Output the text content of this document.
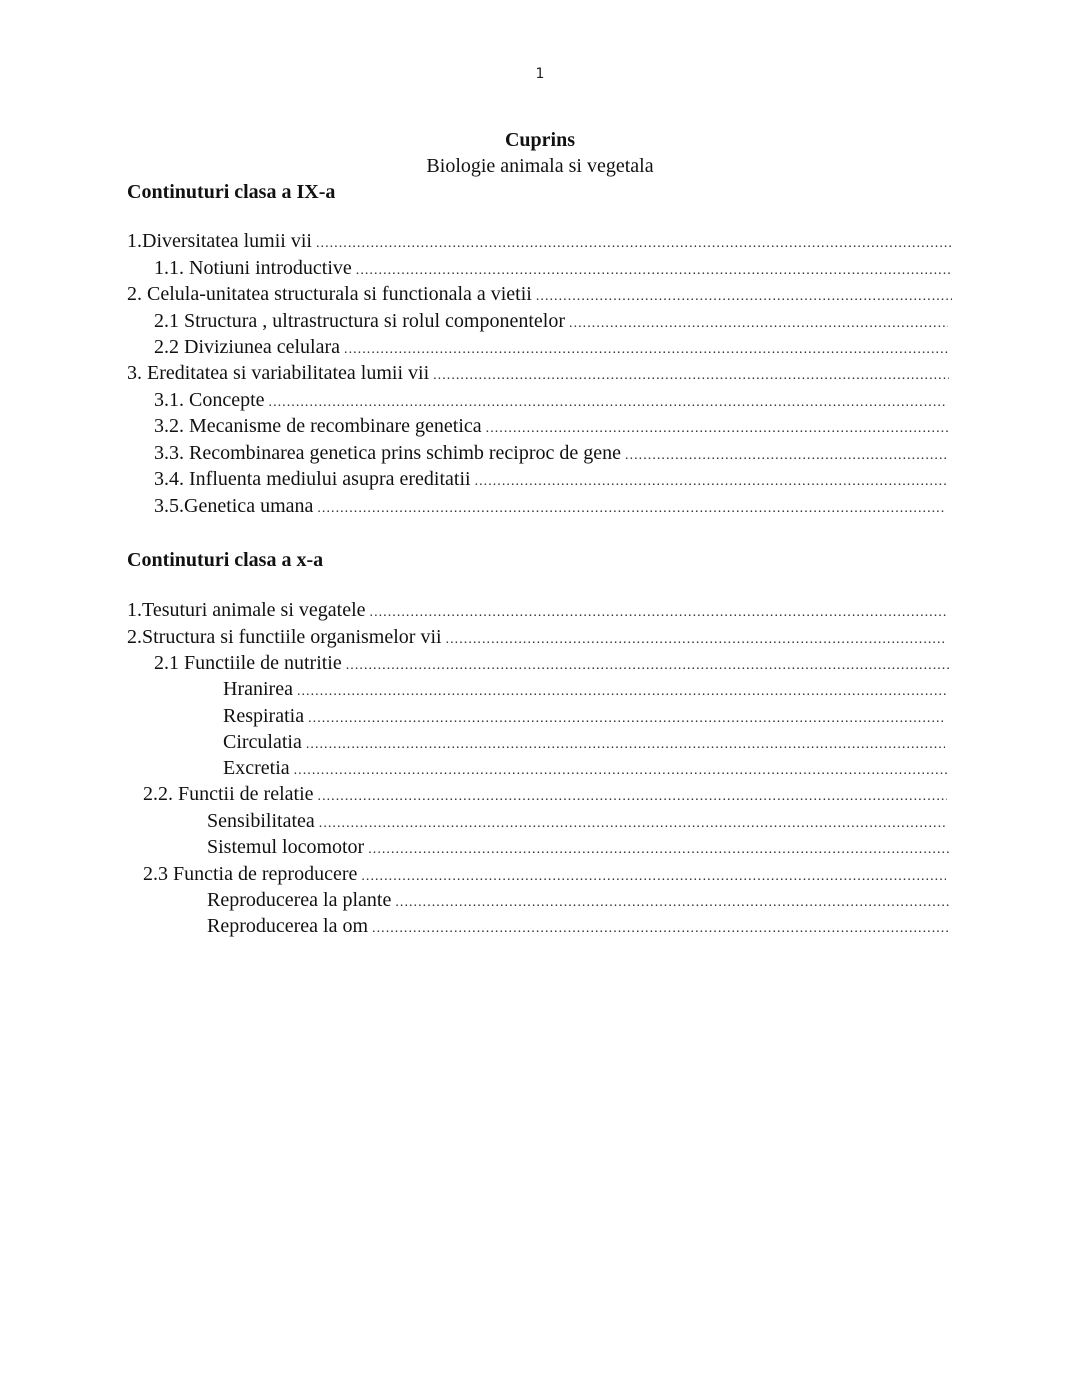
1
Cuprins
Biologie animala si vegetala
Continuturi clasa a IX-a
1.Diversitatea lumii vii
.....
1.1. Notiuni introductive
.....
2. Celula-unitatea structurala si functionala a vietii
.....
2.1 Structura , ultrastructura si rolul componentelor
.....
2.2 Diviziunea celulara
.....
3. Ereditatea si variabilitatea lumii vii
.....
3.1. Concepte
.....
3.2. Mecanisme de recombinare genetica
.....
3.3. Recombinarea genetica prins schimb reciproc de gene
.....
3.4. Influenta mediului asupra ereditatii
.....
3.5.Genetica umana
.....
Continuturi clasa a x-a
1.Tesuturi animale si vegatele
.....
2.Structura si functiile organismelor vii
.....
2.1 Functiile de nutritie
.....
Hranirea
.....
Respiratia
.....
Circulatia
.....
Excretia
.....
2.2. Functii de relatie
.....
Sensibilitatea
.....
Sistemul locomotor
.....
2.3 Functia de reproducere
.....
Reproducerea la plante
.....
Reproducerea la om
.....
